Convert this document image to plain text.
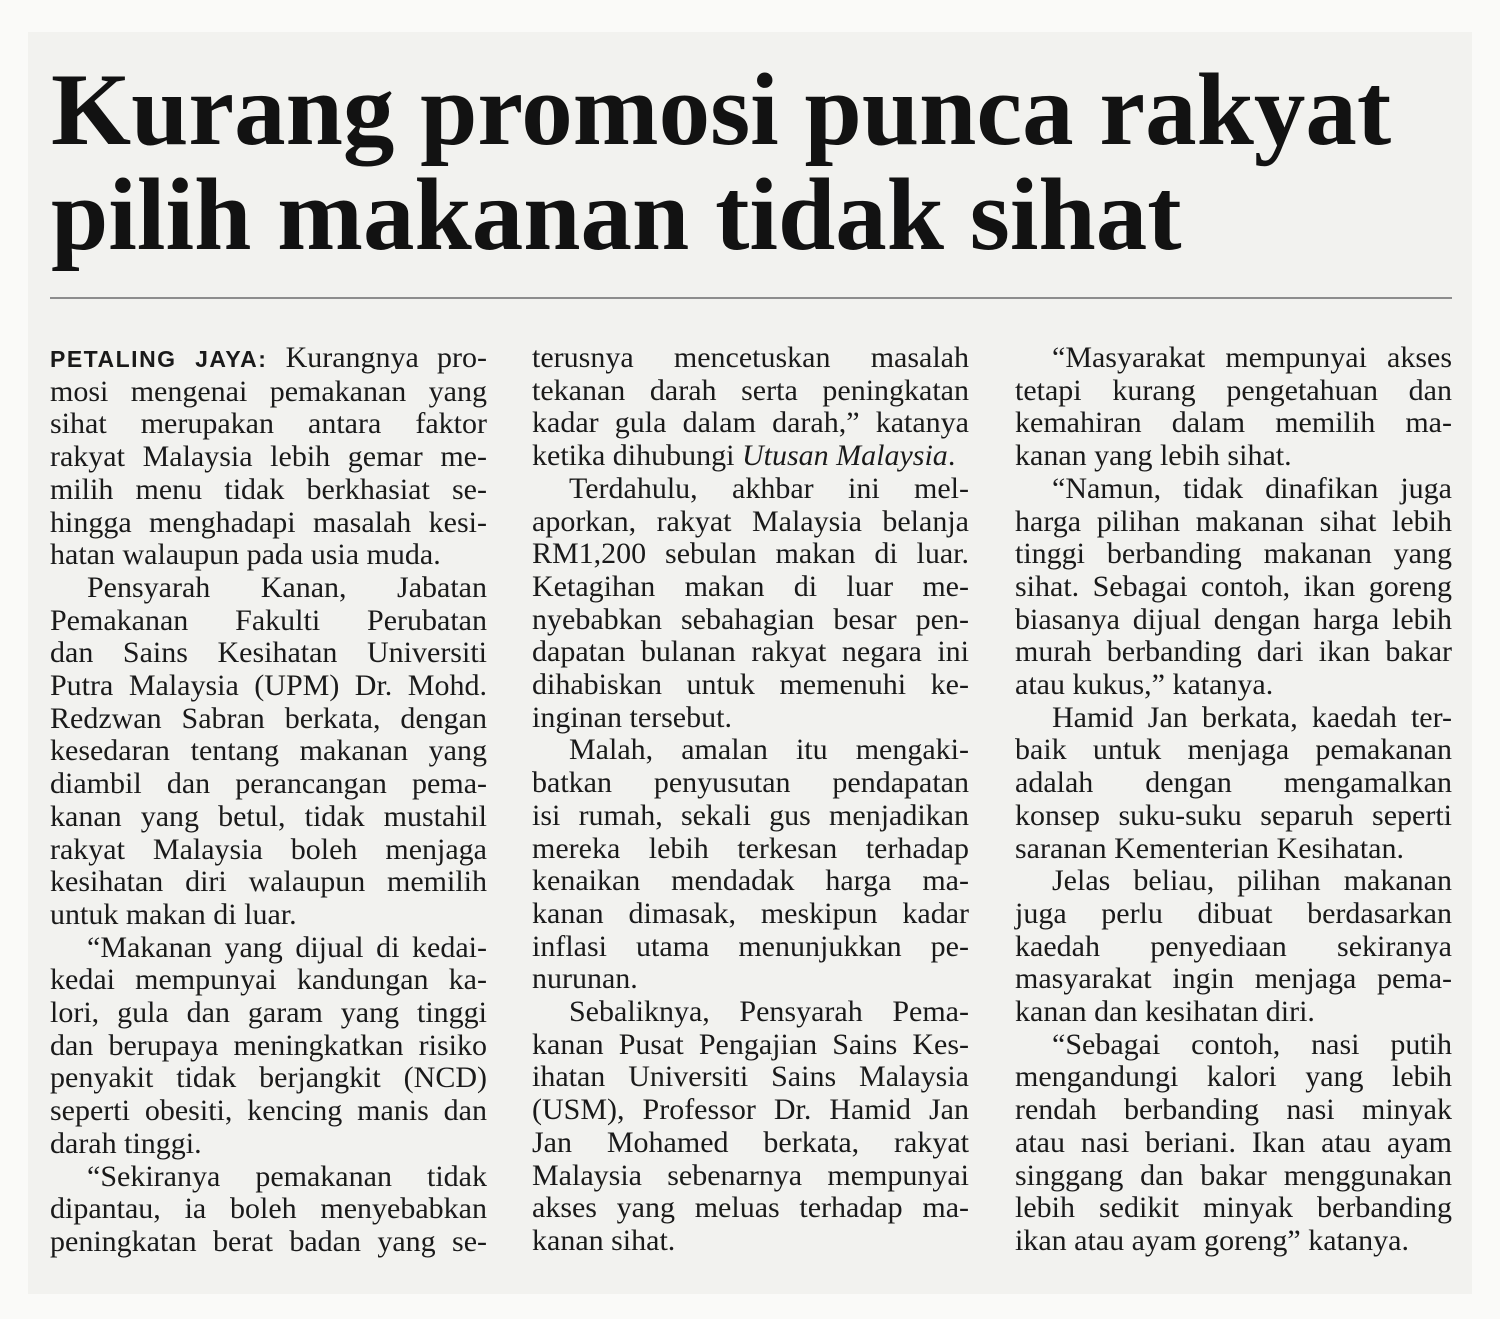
Kurang promosi punca rakyat
pilih makanan tidak sihat
PETALING JAYA: Kurangnya pro-
mosi mengenai pemakanan yang
sihat merupakan antara faktor
rakyat Malaysia lebih gemar me-
milih menu tidak berkhasiat se-
hingga menghadapi masalah kesi-
hatan walaupun pada usia muda.
Pensyarah Kanan, Jabatan
Pemakanan Fakulti Perubatan
dan Sains Kesihatan Universiti
Putra Malaysia (UPM) Dr. Mohd.
Redzwan Sabran berkata, dengan
kesedaran tentang makanan yang
diambil dan perancangan pema-
kanan yang betul, tidak mustahil
rakyat Malaysia boleh menjaga
kesihatan diri walaupun memilih
untuk makan di luar.
“Makanan yang dijual di kedai-
kedai mempunyai kandungan ka-
lori, gula dan garam yang tinggi
dan berupaya meningkatkan risiko
penyakit tidak berjangkit (NCD)
seperti obesiti, kencing manis dan
darah tinggi.
“Sekiranya pemakanan tidak
dipantau, ia boleh menyebabkan
peningkatan berat badan yang se-
terusnya mencetuskan masalah
tekanan darah serta peningkatan
kadar gula dalam darah,” katanya
ketika dihubungi Utusan Malaysia.
Terdahulu, akhbar ini mel-
aporkan, rakyat Malaysia belanja
RM1,200 sebulan makan di luar.
Ketagihan makan di luar me-
nyebabkan sebahagian besar pen-
dapatan bulanan rakyat negara ini
dihabiskan untuk memenuhi ke-
inginan tersebut.
Malah, amalan itu mengaki-
batkan penyusutan pendapatan
isi rumah, sekali gus menjadikan
mereka lebih terkesan terhadap
kenaikan mendadak harga ma-
kanan dimasak, meskipun kadar
inflasi utama menunjukkan pe-
nurunan.
Sebaliknya, Pensyarah Pema-
kanan Pusat Pengajian Sains Kes-
ihatan Universiti Sains Malaysia
(USM), Professor Dr. Hamid Jan
Jan Mohamed berkata, rakyat
Malaysia sebenarnya mempunyai
akses yang meluas terhadap ma-
kanan sihat.
“Masyarakat mempunyai akses
tetapi kurang pengetahuan dan
kemahiran dalam memilih ma-
kanan yang lebih sihat.
“Namun, tidak dinafikan juga
harga pilihan makanan sihat lebih
tinggi berbanding makanan yang
sihat. Sebagai contoh, ikan goreng
biasanya dijual dengan harga lebih
murah berbanding dari ikan bakar
atau kukus,” katanya.
Hamid Jan berkata, kaedah ter-
baik untuk menjaga pemakanan
adalah dengan mengamalkan
konsep suku-suku separuh seperti
saranan Kementerian Kesihatan.
Jelas beliau, pilihan makanan
juga perlu dibuat berdasarkan
kaedah penyediaan sekiranya
masyarakat ingin menjaga pema-
kanan dan kesihatan diri.
“Sebagai contoh, nasi putih
mengandungi kalori yang lebih
rendah berbanding nasi minyak
atau nasi beriani. Ikan atau ayam
singgang dan bakar menggunakan
lebih sedikit minyak berbanding
ikan atau ayam goreng” katanya.
